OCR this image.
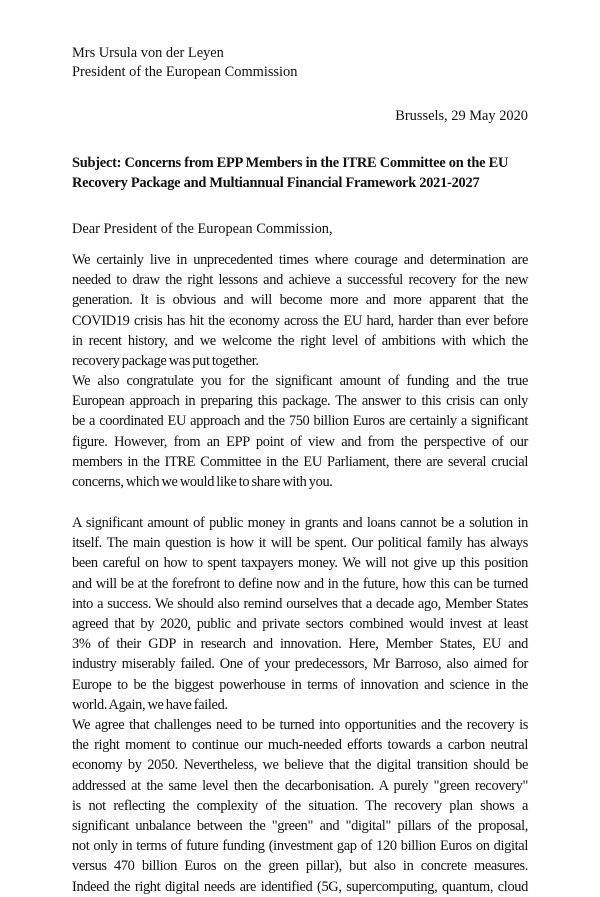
Mrs Ursula von der Leyen
President of the European Commission
Brussels, 29 May 2020
Subject: Concerns from EPP Members in the ITRE Committee on the EU
Recovery Package and Multiannual Financial Framework 2021-2027
Dear President of the European Commission,
We certainly live in unprecedented times where courage and determination are
needed to draw the right lessons and achieve a successful recovery for the new
generation. It is obvious and will become more and more apparent that the
COVID19 crisis has hit the economy across the EU hard, harder than ever before
in recent history, and we welcome the right level of ambitions with which the
recovery package was put together.
We also congratulate you for the significant amount of funding and the true
European approach in preparing this package. The answer to this crisis can only
be a coordinated EU approach and the 750 billion Euros are certainly a significant
figure. However, from an EPP point of view and from the perspective of our
members in the ITRE Committee in the EU Parliament, there are several crucial
concerns, which we would like to share with you.
A significant amount of public money in grants and loans cannot be a solution in
itself. The main question is how it will be spent. Our political family has always
been careful on how to spent taxpayers money. We will not give up this position
and will be at the forefront to define now and in the future, how this can be turned
into a success. We should also remind ourselves that a decade ago, Member States
agreed that by 2020, public and private sectors combined would invest at least
3% of their GDP in research and innovation. Here, Member States, EU and
industry miserably failed. One of your predecessors, Mr Barroso, also aimed for
Europe to be the biggest powerhouse in terms of innovation and science in the
world. Again, we have failed.
We agree that challenges need to be turned into opportunities and the recovery is
the right moment to continue our much-needed efforts towards a carbon neutral
economy by 2050. Nevertheless, we believe that the digital transition should be
addressed at the same level then the decarbonisation. A purely "green recovery"
is not reflecting the complexity of the situation. The recovery plan shows a
significant unbalance between the "green" and "digital" pillars of the proposal,
not only in terms of future funding (investment gap of 120 billion Euros on digital
versus 470 billion Euros on the green pillar), but also in concrete measures.
Indeed the right digital needs are identified (5G, supercomputing, quantum, cloud
